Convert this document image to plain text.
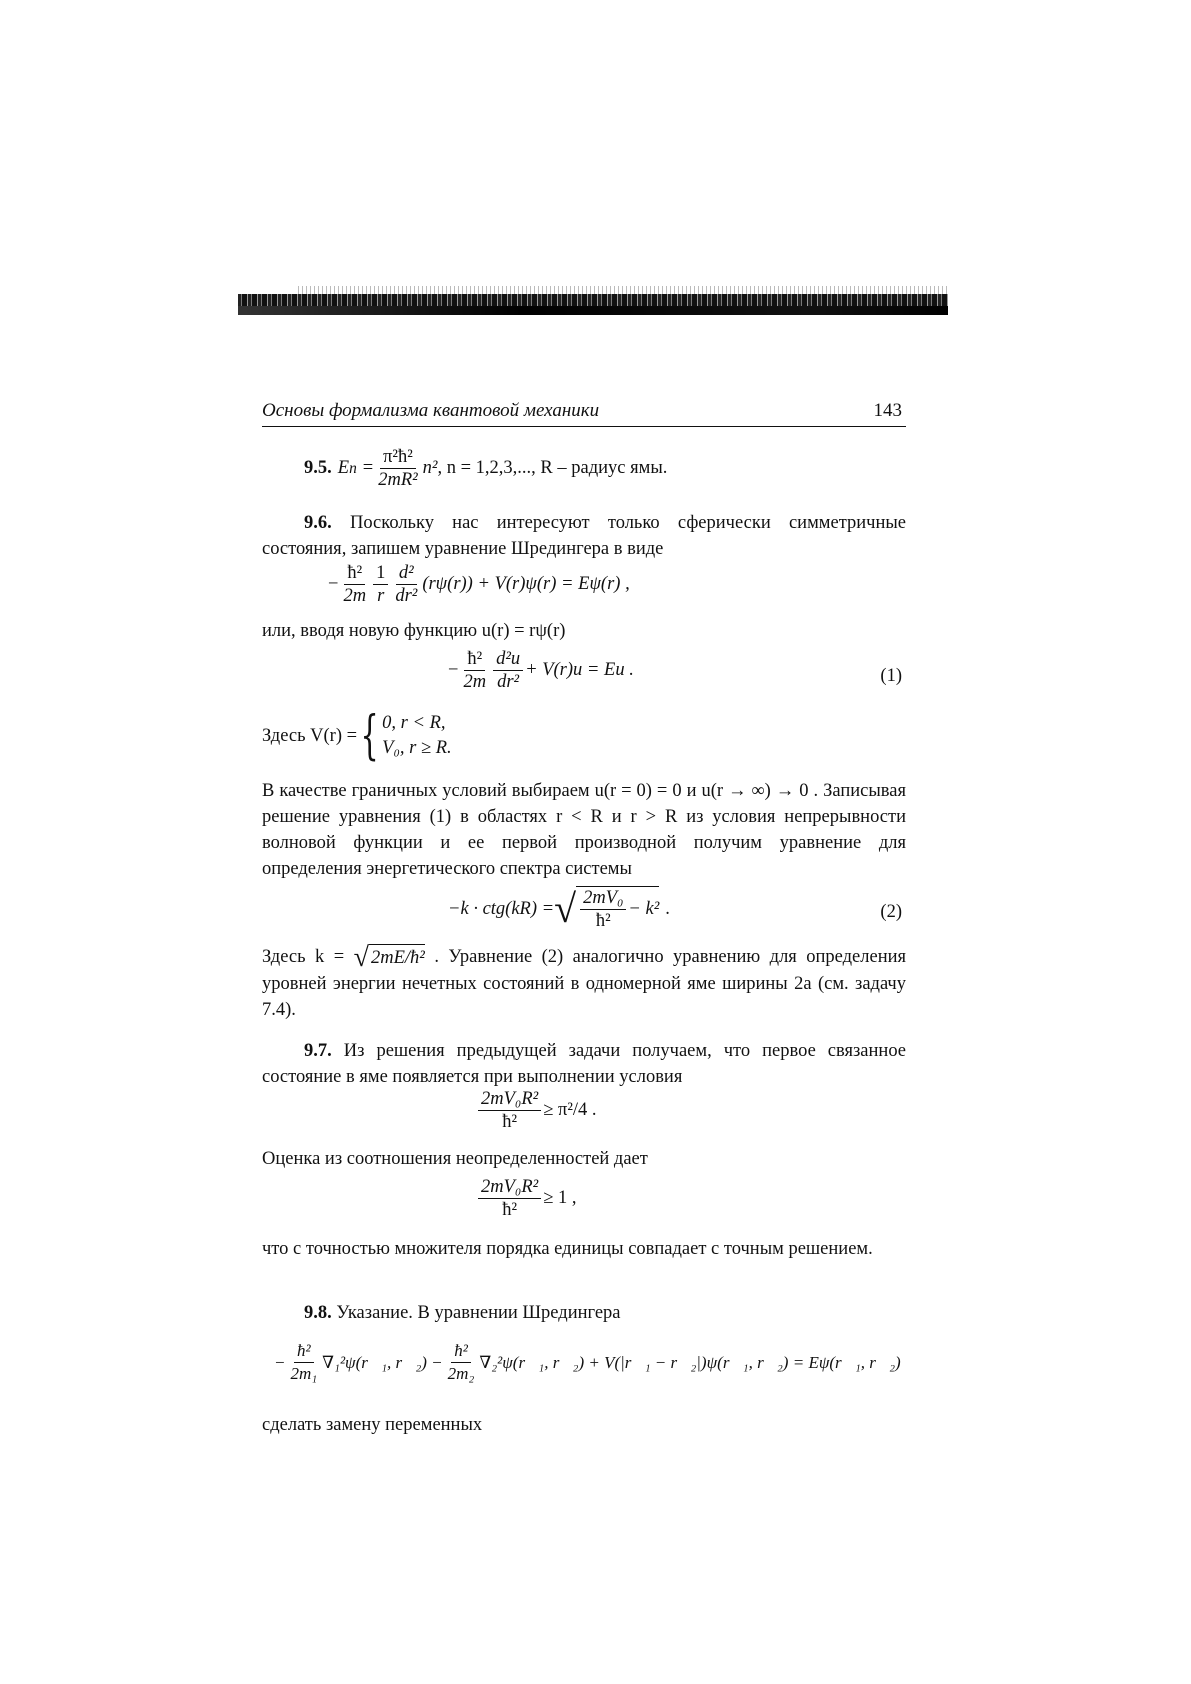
Основы формализма квантовой механики	143
9.5. E $n = \frac{\text{π²ħ²}}{\text{2mR²}} n^2$ , n = 1,2,3,..., R – радиус ямы.
9.6. Поскольку нас интересуют только сферически симметричные состояния, запишем уравнение Шредингера в виде
− $\frac{\text{ħ²}}{2m} \frac{1}{r} \frac{\text{d²}}{\text{dr²}} (r\psi(r)) + V(r)\psi(r) = E\psi(r)$ ,
или, вводя новую функцию u(r) = rψ(r)
− $\frac{\text{ħ²}}{2m} \frac{\text{d²u}}{\text{dr²}} + V(r)u = Eu$ .	(1)
Здесь V(r) = { 0, r < R,
V₀, r ≥ R.
В качестве граничных условий выбираем u(r = 0) = 0 и u(r → ∞) → 0 . Записывая решение уравнения (1) в областях r < R и r > R из условия непрерывности волновой функции и ее первой производной получим уравнение для определения энергетического спектра системы
−k · ctg(kR) = √ $\frac{\text{2mV₀}}{\text{ħ²}} - k^2$ .	(2)
Здесь k = √ 2mE/ħ² . Уравнение (2) аналогично уравнению для определения уровней энергии нечетных состояний в одномерной яме ширины 2a (см. задачу 7.4).
9.7. Из решения предыдущей задачи получаем, что первое связанное состояние в яме появляется при выполнении условия
$\frac{\text{2mV₀R²}}{\text{ħ²}} \ge \pi^2/4$ .
Оценка из соотношения неопределенностей дает
$\frac{\text{2mV₀R²}}{\text{ħ²}} \ge 1$ ,
что с точностью множителя порядка единицы совпадает с точным решением.
9.8. Указание. В уравнении Шредингера
− $\frac{\text{ħ²}}{\text{2m₁}}$ ∇₁²ψ(r⃗₁, r⃗₂) − $\frac{\text{ħ²}}{\text{2m₂}}$ ∇₂²ψ(r⃗₁, r⃗₂) + V(|r⃗₁ − r⃗₂|)ψ(r⃗₁, r⃗₂) = Eψ(r⃗₁, r⃗₂)
сделать замену переменных
